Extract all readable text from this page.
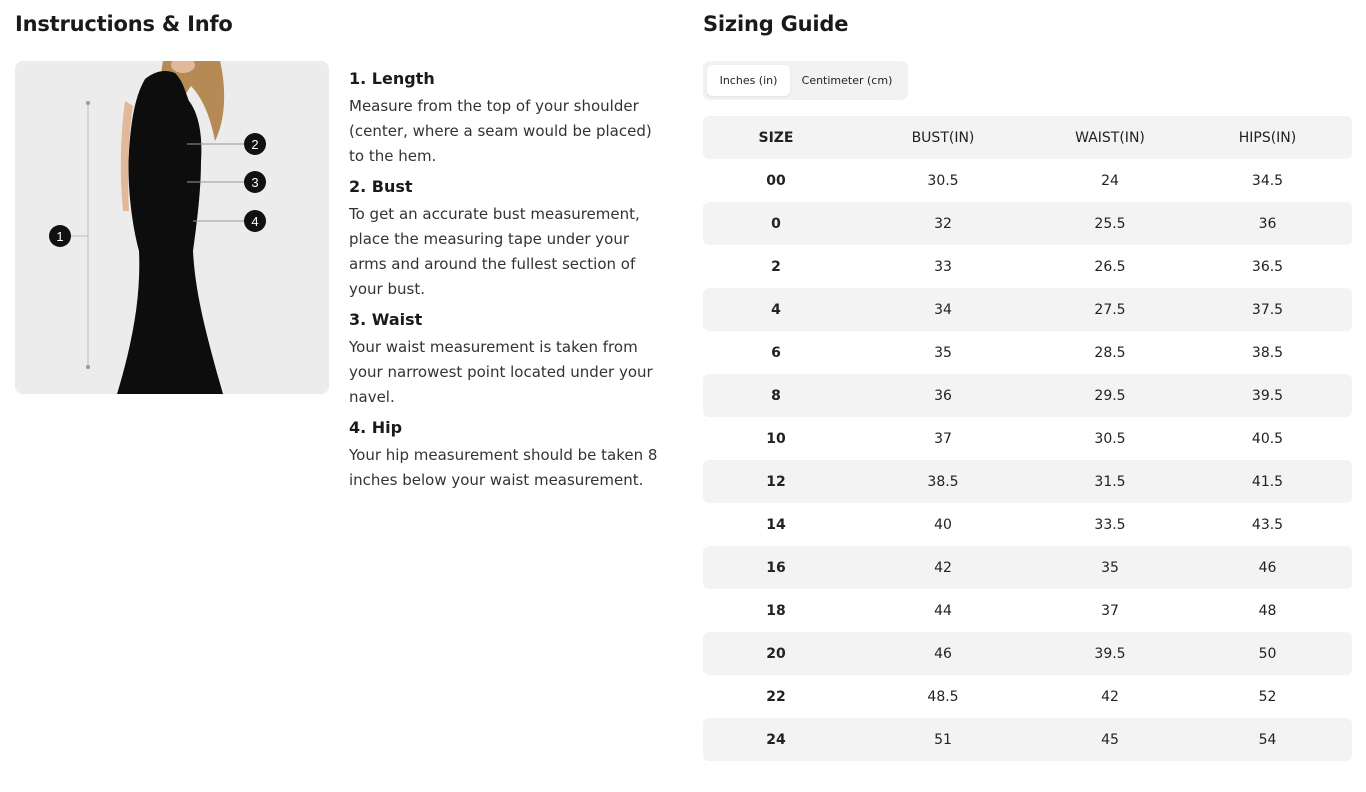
Instructions & Info
1
2
3
4
1. Length
Measure from the top of your shoulder (center, where a seam would be placed) to the hem.
2. Bust
To get an accurate bust measurement, place the measuring tape under your arms and around the fullest section of your bust.
3. Waist
Your waist measurement is taken from your narrowest point located under your navel.
4. Hip
Your hip measurement should be taken 8 inches below your waist measurement.
Sizing Guide
Inches (in)	Centimeter (cm)
SIZE	BUST(IN)	WAIST(IN)	HIPS(IN)
00	30.5	24	34.5
0	32	25.5	36
2	33	26.5	36.5
4	34	27.5	37.5
6	35	28.5	38.5
8	36	29.5	39.5
10	37	30.5	40.5
12	38.5	31.5	41.5
14	40	33.5	43.5
16	42	35	46
18	44	37	48
20	46	39.5	50
22	48.5	42	52
24	51	45	54
